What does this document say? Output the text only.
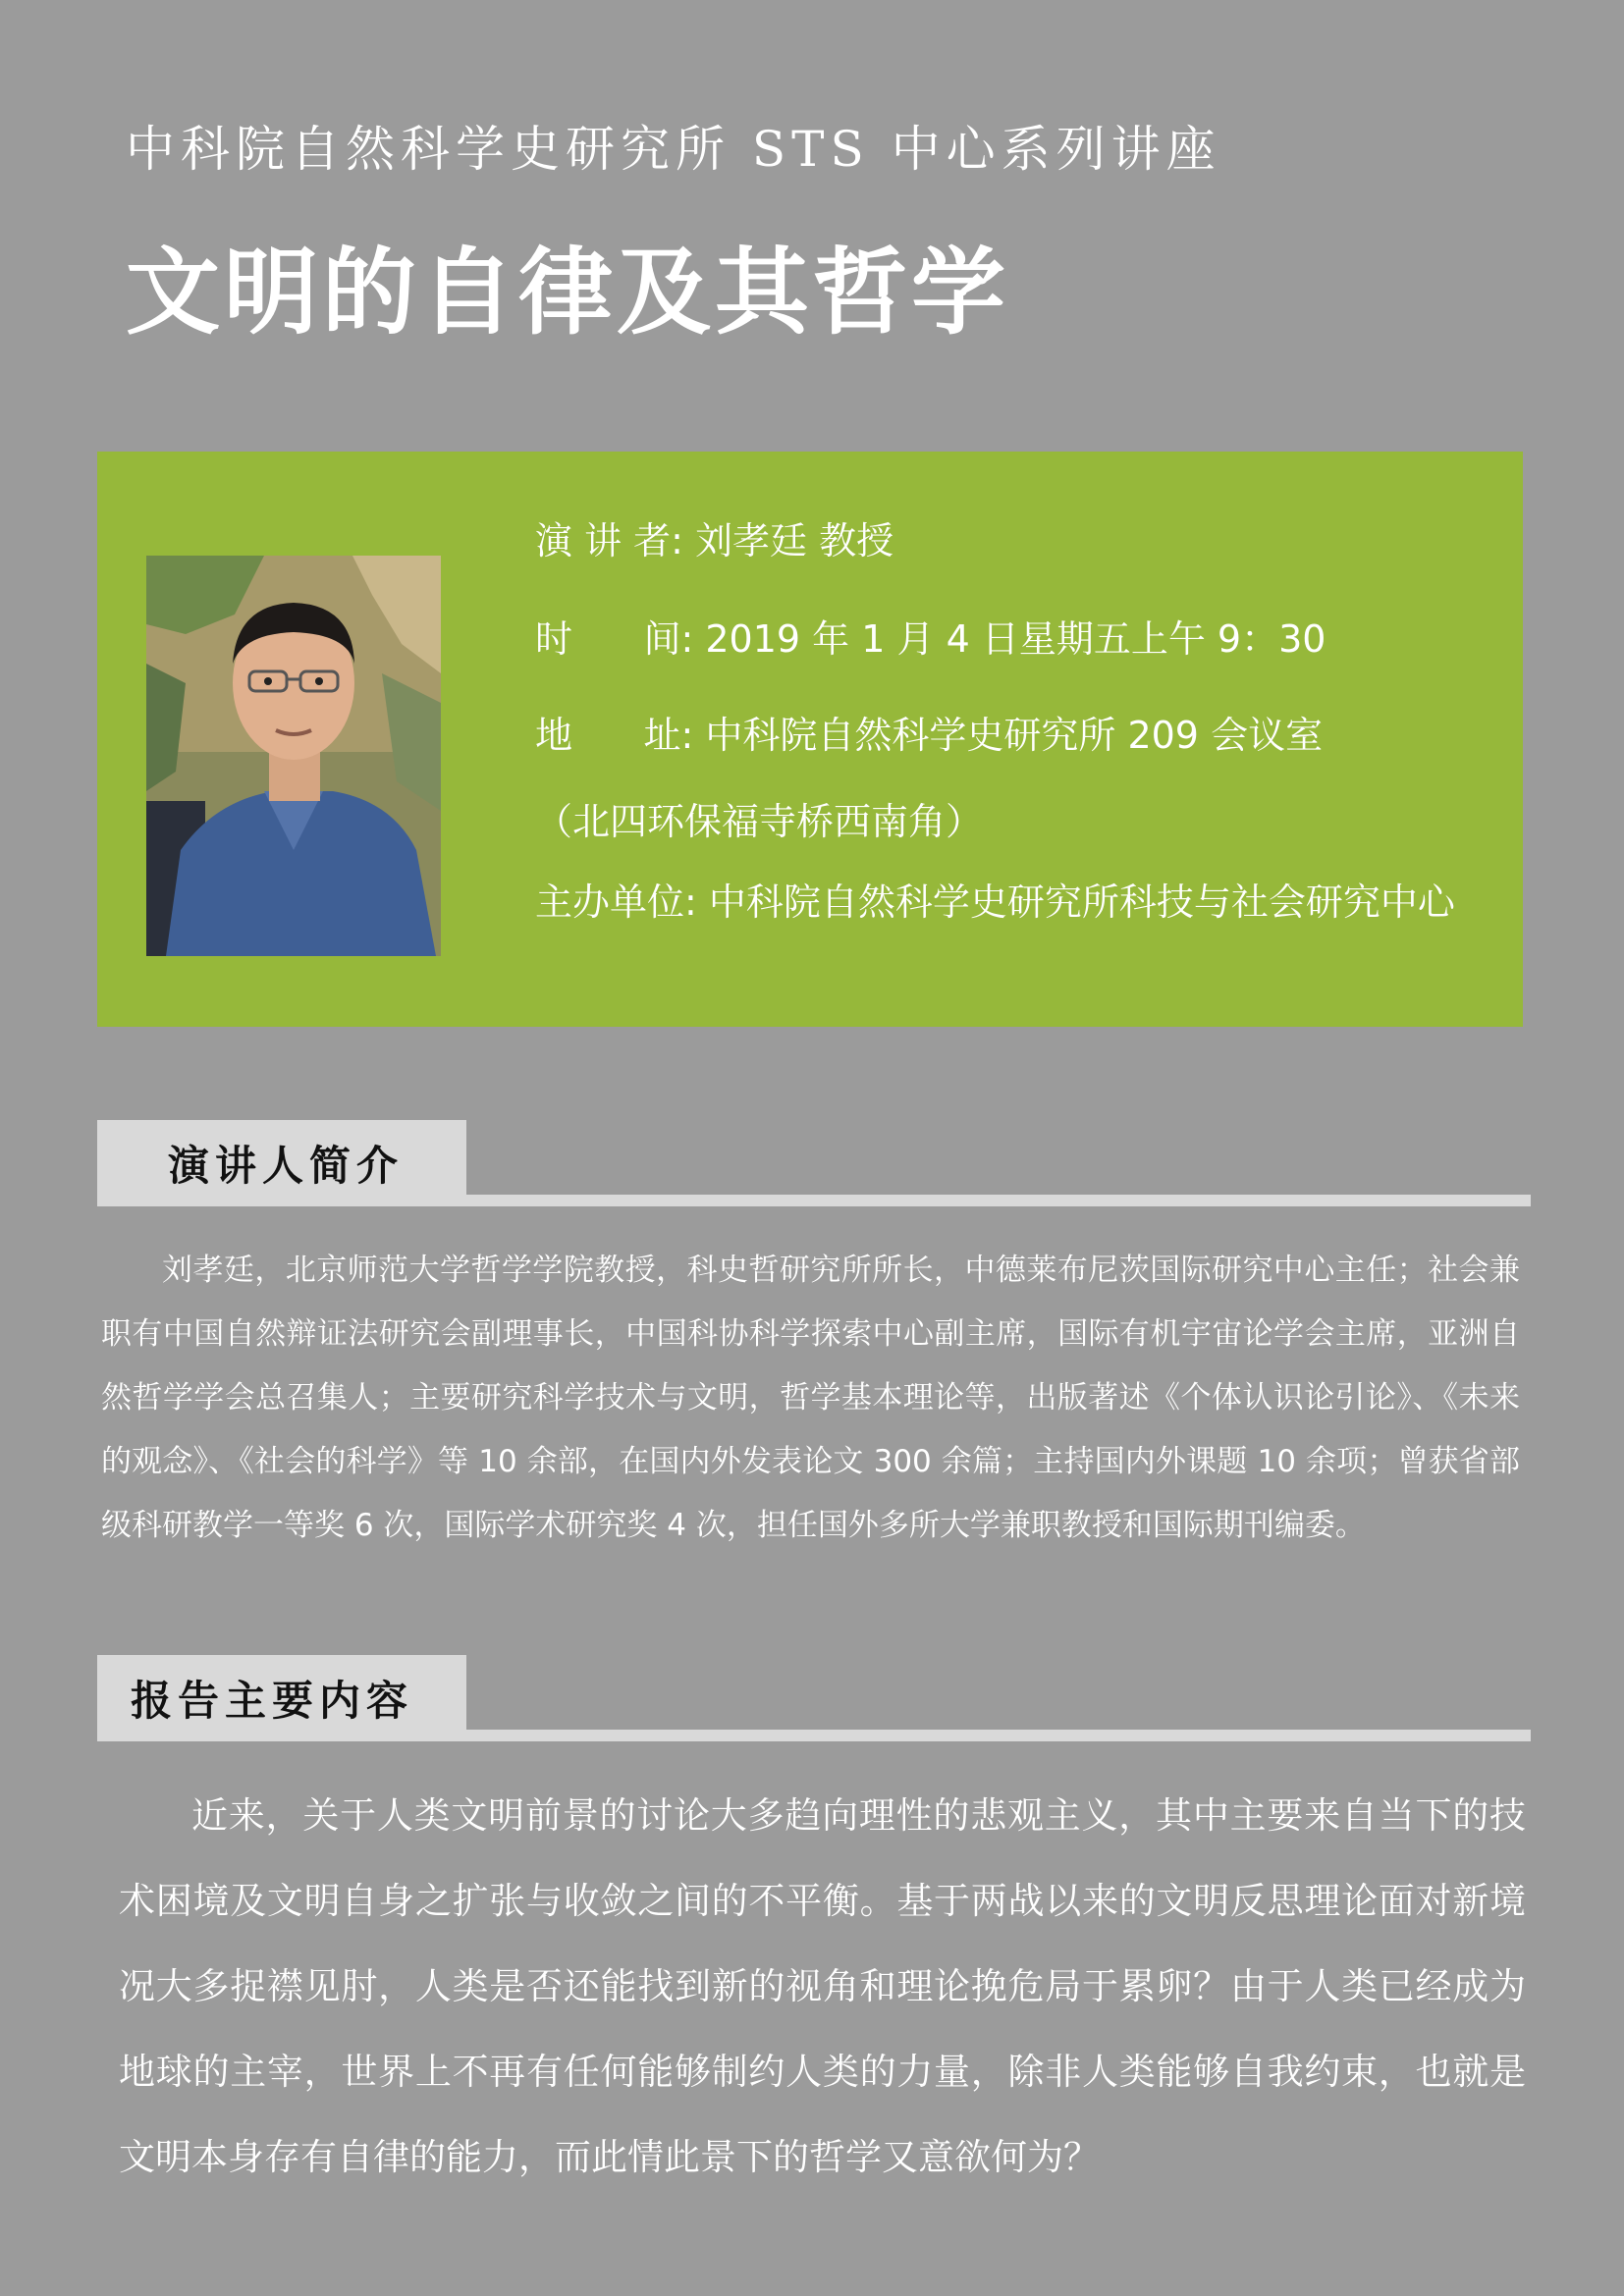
中科院自然科学史研究所 STS 中心系列讲座
文明的自律及其哲学
演 讲 者: 刘孝廷 教授
时      间: 2019 年 1 月 4 日星期五上午 9：30
地      址: 中科院自然科学史研究所 209 会议室
（北四环保福寺桥西南角）
主办单位: 中科院自然科学史研究所科技与社会研究中心
演讲人简介

刘孝廷，北京师范大学哲学学院教授，科史哲研究所所长，中德莱布尼茨国际研究中心主任；社会兼职有中国自然辩证法研究会副理事长，中国科协科学探索中心副主席，国际有机宇宙论学会主席，亚洲自然哲学学会总召集人；主要研究科学技术与文明，哲学基本理论等，出版著述《个体认识论引论》、《未来的观念》、《社会的科学》等 10 余部，在国内外发表论文 300 余篇；主持国内外课题 10 余项；曾获省部级科研教学一等奖 6 次，国际学术研究奖 4 次，担任国外多所大学兼职教授和国际期刊编委。

报告主要内容

近来，关于人类文明前景的讨论大多趋向理性的悲观主义，其中主要来自当下的技术困境及文明自身之扩张与收敛之间的不平衡。基于两战以来的文明反思理论面对新境况大多捉襟见肘，人类是否还能找到新的视角和理论挽危局于累卵？由于人类已经成为地球的主宰，世界上不再有任何能够制约人类的力量，除非人类能够自我约束，也就是文明本身存有自律的能力，而此情此景下的哲学又意欲何为？
